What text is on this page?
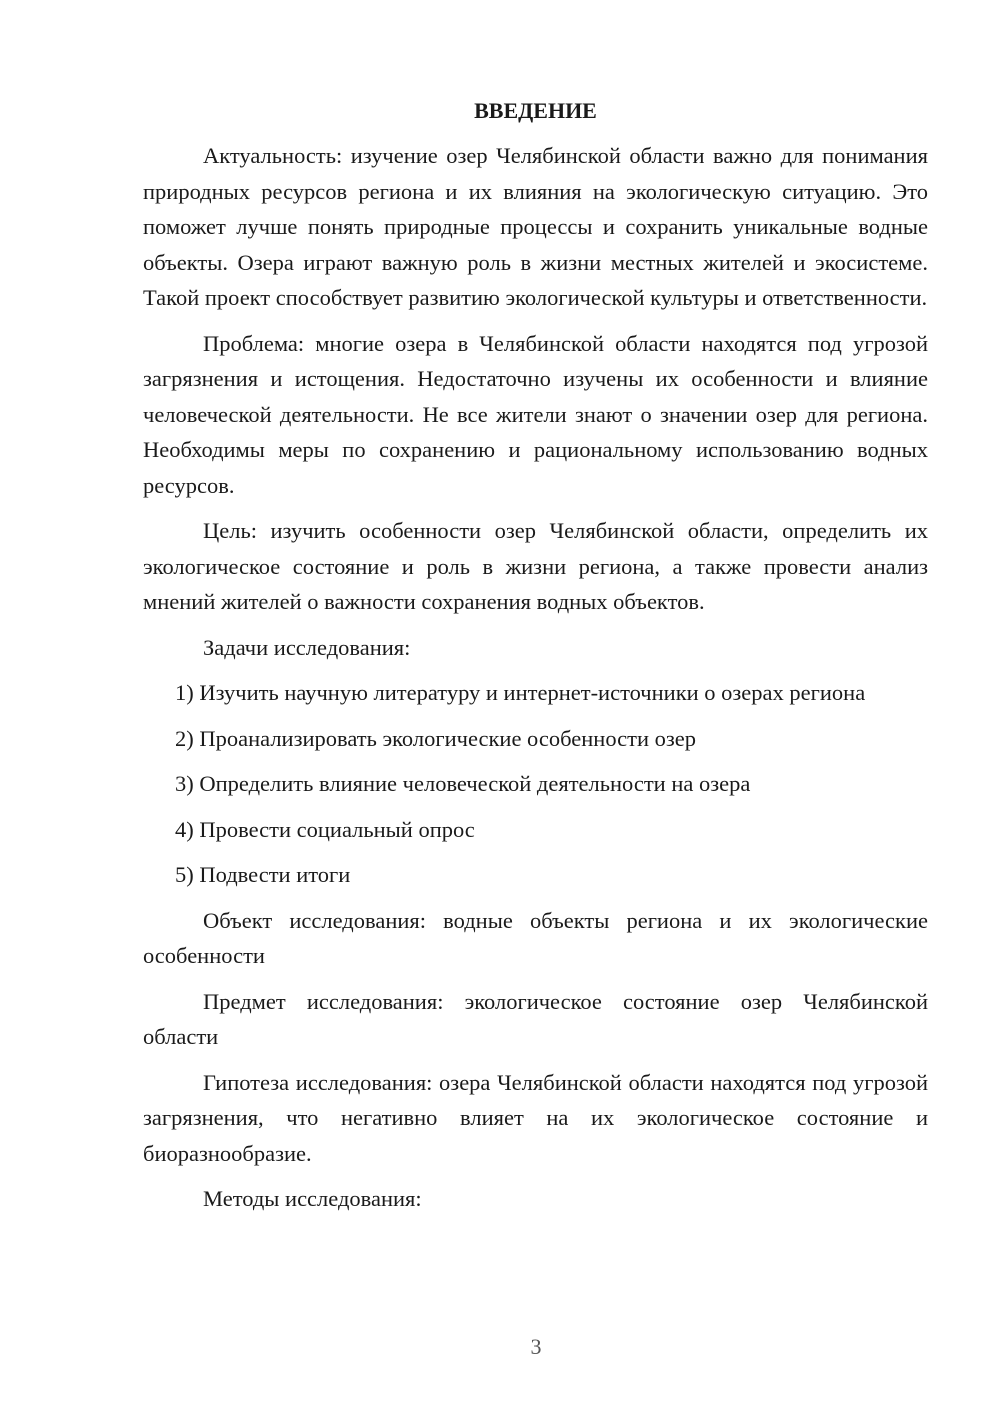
ВВЕДЕНИЕ

Актуальность: изучение озер Челябинской области важно для понимания природных ресурсов региона и их влияния на экологическую ситуацию. Это поможет лучше понять природные процессы и сохранить уникальные водные объекты. Озера играют важную роль в жизни местных жителей и экосистеме. Такой проект способствует развитию экологической культуры и ответственности.

Проблема: многие озера в Челябинской области находятся под угрозой загрязнения и истощения. Недостаточно изучены их особенности и влияние человеческой деятельности. Не все жители знают о значении озер для региона. Необходимы меры по сохранению и рациональному использованию водных ресурсов.

Цель: изучить особенности озер Челябинской области, определить их экологическое состояние и роль в жизни региона, а также провести анализ мнений жителей о важности сохранения водных объектов.

Задачи исследования:

1) Изучить научную литературу и интернет-источники о озерах региона

2) Проанализировать экологические особенности озер

3) Определить влияние человеческой деятельности на озера

4) Провести социальный опрос

5) Подвести итоги

Объект исследования: водные объекты региона и их экологические особенности

Предмет исследования: экологическое состояние озер Челябинской области

Гипотеза исследования: озера Челябинской области находятся под угрозой загрязнения, что негативно влияет на их экологическое состояние и биоразнообразие.

Методы исследования:

3
